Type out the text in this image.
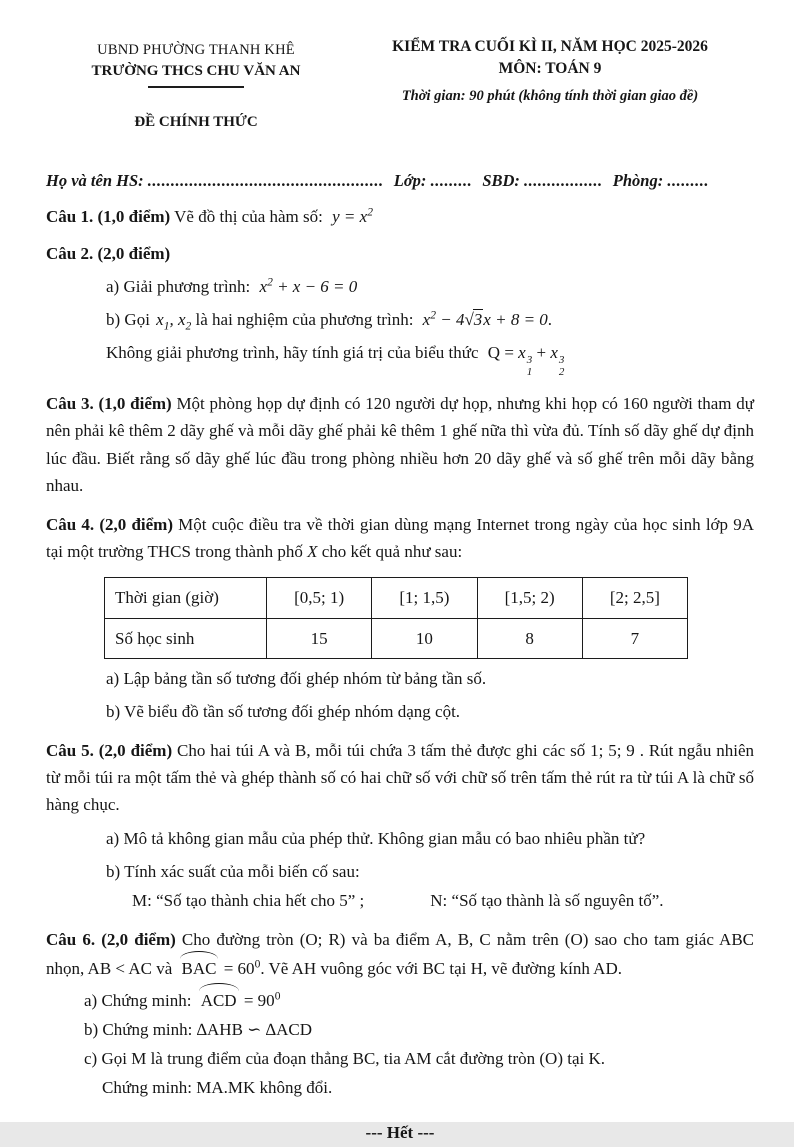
UBND PHƯỜNG THANH KHÊ
TRƯỜNG THCS CHU VĂN AN
ĐỀ CHÍNH THỨC
KIỂM TRA CUỐI KÌ II, NĂM HỌC 2025-2026
MÔN: TOÁN 9
Thời gian: 90 phút (không tính thời gian giao đề)
Họ và tên HS: ................................................... Lớp: ......... SBD: ................. Phòng: .........

Câu 1. (1,0 điểm) Vẽ đồ thị của hàm số: $y = x^2$

Câu 2. (2,0 điểm)

a) Giải phương trình: $x^2 + x - 6 = 0$

b) Gọi $x_1$, $x_2$ là hai nghiệm của phương trình: $x^2 - 4√3x + 8 = 0$.

Không giải phương trình, hãy tính giá trị của biểu thức Q = x 3
1
+ x 3
2

Câu 3. (1,0 điểm) Một phòng họp dự định có 120 người dự họp, nhưng khi họp có 160 người tham dự nên phải kê thêm 2 dãy ghế và mỗi dãy ghế phải kê thêm 1 ghế nữa thì vừa đủ. Tính số dãy ghế dự định lúc đầu. Biết rằng số dãy ghế lúc đầu trong phòng nhiều hơn 20 dãy ghế và số ghế trên mỗi dãy bằng nhau.

Câu 4. (2,0 điểm) Một cuộc điều tra về thời gian dùng mạng Internet trong ngày của học sinh lớp 9A tại một trường THCS trong thành phố X cho kết quả như sau:

Thời gian (giờ)	[0,5; 1)	[1; 1,5)	[1,5; 2)	[2; 2,5]
Số học sinh	15	10	8	7

a) Lập bảng tần số tương đối ghép nhóm từ bảng tần số.

b) Vẽ biểu đồ tần số tương đối ghép nhóm dạng cột.

Câu 5. (2,0 điểm) Cho hai túi A và B, mỗi túi chứa 3 tấm thẻ được ghi các số 1; 5; 9 . Rút ngẫu nhiên từ mỗi túi ra một tấm thẻ và ghép thành số có hai chữ số với chữ số trên tấm thẻ rút ra từ túi A là chữ số hàng chục.

a) Mô tả không gian mẫu của phép thử. Không gian mẫu có bao nhiêu phần tử?

b) Tính xác suất của mỗi biến cố sau:

M: “Số tạo thành chia hết cho 5” ;	N: “Số tạo thành là số nguyên tố”.

Câu 6. (2,0 điểm) Cho đường tròn (O; R) và ba điểm A, B, C nằm trên (O) sao cho tam giác ABC nhọn, AB < AC và BAC = $60^0$. Vẽ AH vuông góc với BC tại H, vẽ đường kính AD.

a) Chứng minh: ACD = $90^0$

b) Chứng minh: ∆AHB ∽ ∆ACD

c) Gọi M là trung điểm của đoạn thẳng BC, tia AM cắt đường tròn (O) tại K.

Chứng minh: MA.MK không đổi.

--- Hết ---
